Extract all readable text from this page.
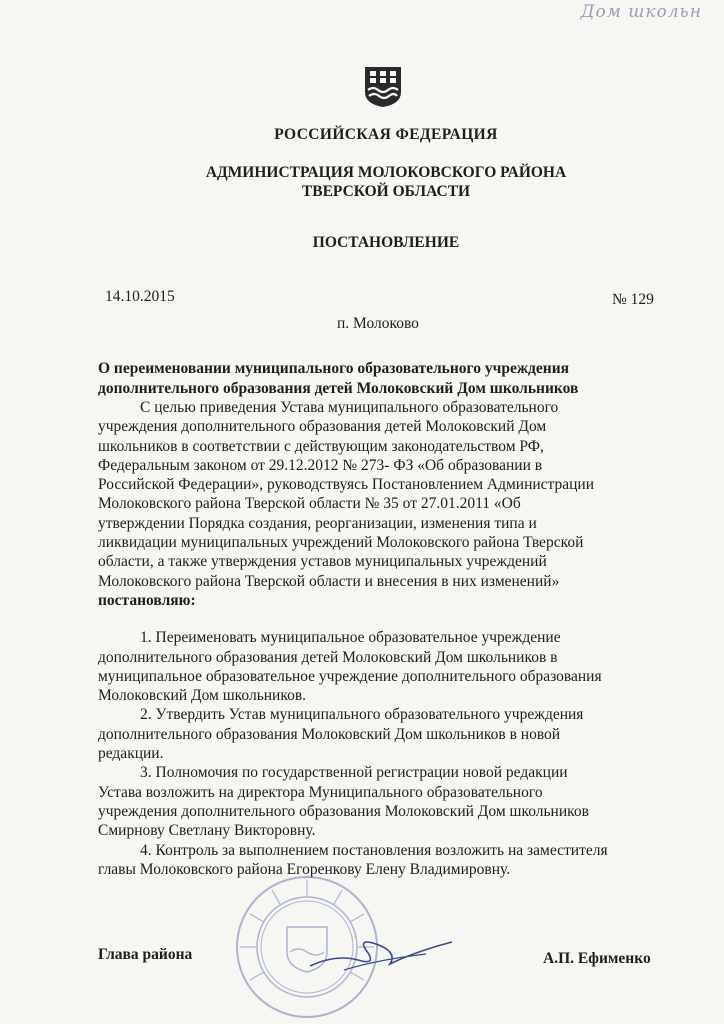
Дом школьн
РОССИЙСКАЯ ФЕДЕРАЦИЯ
АДМИНИСТРАЦИЯ МОЛОКОВСКОГО РАЙОНА
ТВЕРСКОЙ ОБЛАСТИ
ПОСТАНОВЛЕНИЕ
14.10.2015	№ 129
п. Молоково
О переименовании муниципального образовательного учреждения
дополнительного образования детей Молоковский Дом школьников
С целью приведения Устава муниципального образовательного
учреждения дополнительного образования детей Молоковский Дом
школьников в соответствии с действующим законодательством РФ,
Федеральным законом от 29.12.2012 № 273- ФЗ «Об образовании в
Российской Федерации», руководствуясь Постановлением Администрации
Молоковского района Тверской области № 35 от 27.01.2011 «Об
утверждении Порядка создания, реорганизации, изменения типа и
ликвидации муниципальных учреждений Молоковского района Тверской
области, а также утверждения уставов муниципальных учреждений
Молоковского района Тверской области и внесения в них изменений»
постановляю:
1. Переименовать муниципальное образовательное учреждение
дополнительного образования детей Молоковский Дом школьников в
муниципальное образовательное учреждение дополнительного образования
Молоковский Дом школьников.
2. Утвердить Устав муниципального образовательного учреждения
дополнительного образования Молоковский Дом школьников в новой
редакции.
3. Полномочия по государственной регистрации новой редакции
Устава возложить на директора Муниципального образовательного
учреждения дополнительного образования Молоковский Дом школьников
Смирнову Светлану Викторовну.
4. Контроль за выполнением постановления возложить на заместителя
главы Молоковского района Егоренкову Елену Владимировну.
Глава района	А.П. Ефименко
